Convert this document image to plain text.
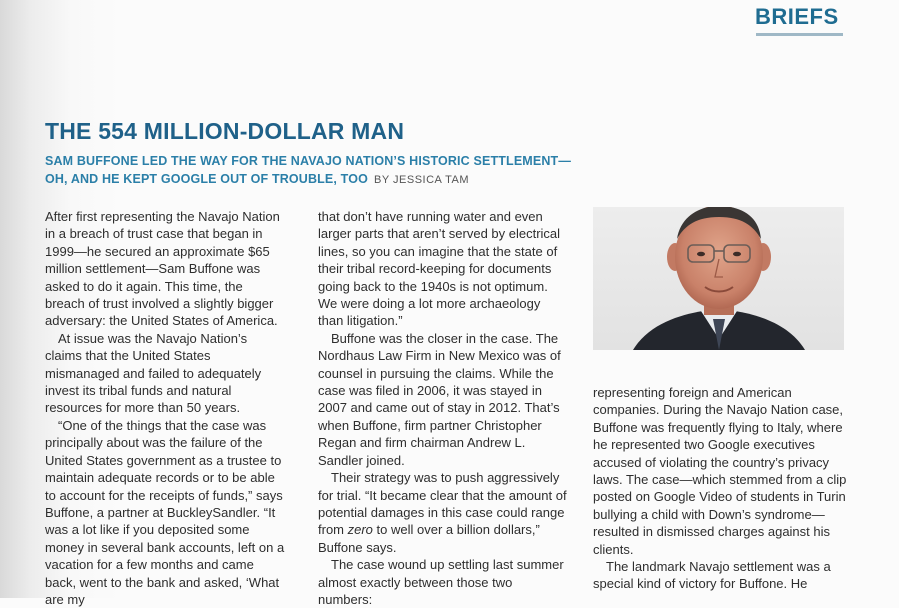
BRIEFS
THE 554 MILLION-DOLLAR MAN
SAM BUFFONE LED THE WAY FOR THE NAVAJO NATION’S HISTORIC SETTLEMENT—
OH, AND HE KEPT GOOGLE OUT OF TROUBLE, TOO BY JESSICA TAM

After first representing the Navajo Nation in a breach of trust case that began in 1999—he secured an approximate $65 million settlement—Sam Buffone was asked to do it again. This time, the breach of trust involved a slightly bigger adversary: the United States of America.

At issue was the Navajo Nation’s claims that the United States mismanaged and failed to adequately invest its tribal funds and natural resources for more than 50 years.

“One of the things that the case was principally about was the failure of the United States government as a trustee to maintain adequate records or to be able to account for the receipts of funds,” says Buffone, a partner at BuckleySandler. “It was a lot like if you deposited some money in several bank accounts, left on a vacation for a few months and came back, went to the bank and asked, ‘What are my

that don’t have running water and even larger parts that aren’t served by electrical lines, so you can imagine that the state of their tribal record-keeping for documents going back to the 1940s is not optimum. We were doing a lot more archaeology than litigation.”

Buffone was the closer in the case. The Nordhaus Law Firm in New Mexico was of counsel in pursuing the claims. While the case was filed in 2006, it was stayed in 2007 and came out of stay in 2012. That’s when Buffone, firm partner Christopher Regan and firm chairman Andrew L. Sandler joined.

Their strategy was to push aggressively for trial. “It became clear that the amount of potential damages in this case could range from zero to well over a billion dollars,” Buffone says.

The case wound up settling last summer almost exactly between those two numbers:

representing foreign and American companies. During the Navajo Nation case, Buffone was frequently flying to Italy, where he represented two Google executives accused of violating the country’s privacy laws. The case—which stemmed from a clip posted on Google Video of students in Turin bullying a child with Down’s syndrome—resulted in dismissed charges against his clients.

The landmark Navajo settlement was a special kind of victory for Buffone. He
